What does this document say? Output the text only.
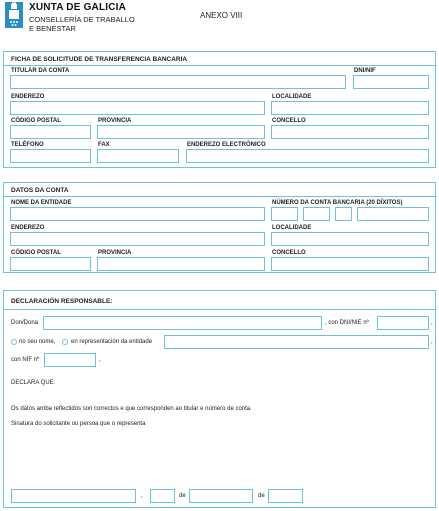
XUNTA DE GALICIA
CONSELLERÍA DE TRABALLO
E BENESTAR
ANEXO VIII
FICHA DE SOLICITUDE DE TRANSFERENCIA BANCARIA
TITULAR DA CONTA	DNI/NIF
ENDEREZO	LOCALIDADE
CÓDIGO POSTAL	PROVINCIA	CONCELLO
TELÉFONO	FAX	ENDEREZO ELECTRÓNICO
DATOS DA CONTA
NOME DA ENTIDADE	NÚMERO DA CONTA BANCARIA (20 DÍXITOS)
ENDEREZO	LOCALIDADE
CÓDIGO POSTAL	PROVINCIA	CONCELLO
DECLARACIÓN RESPONSABLE:
Don/Dona	, con DNI/NIE nº	,
no seu nome,	en representación da entidade	,
con NIF nº	,
DECLARA QUE:
Os datos arriba reflectidos son correctos e que corresponden ao titular e número de conta.
Sinatura do solicitante ou persoa que o representa
,	de	de
